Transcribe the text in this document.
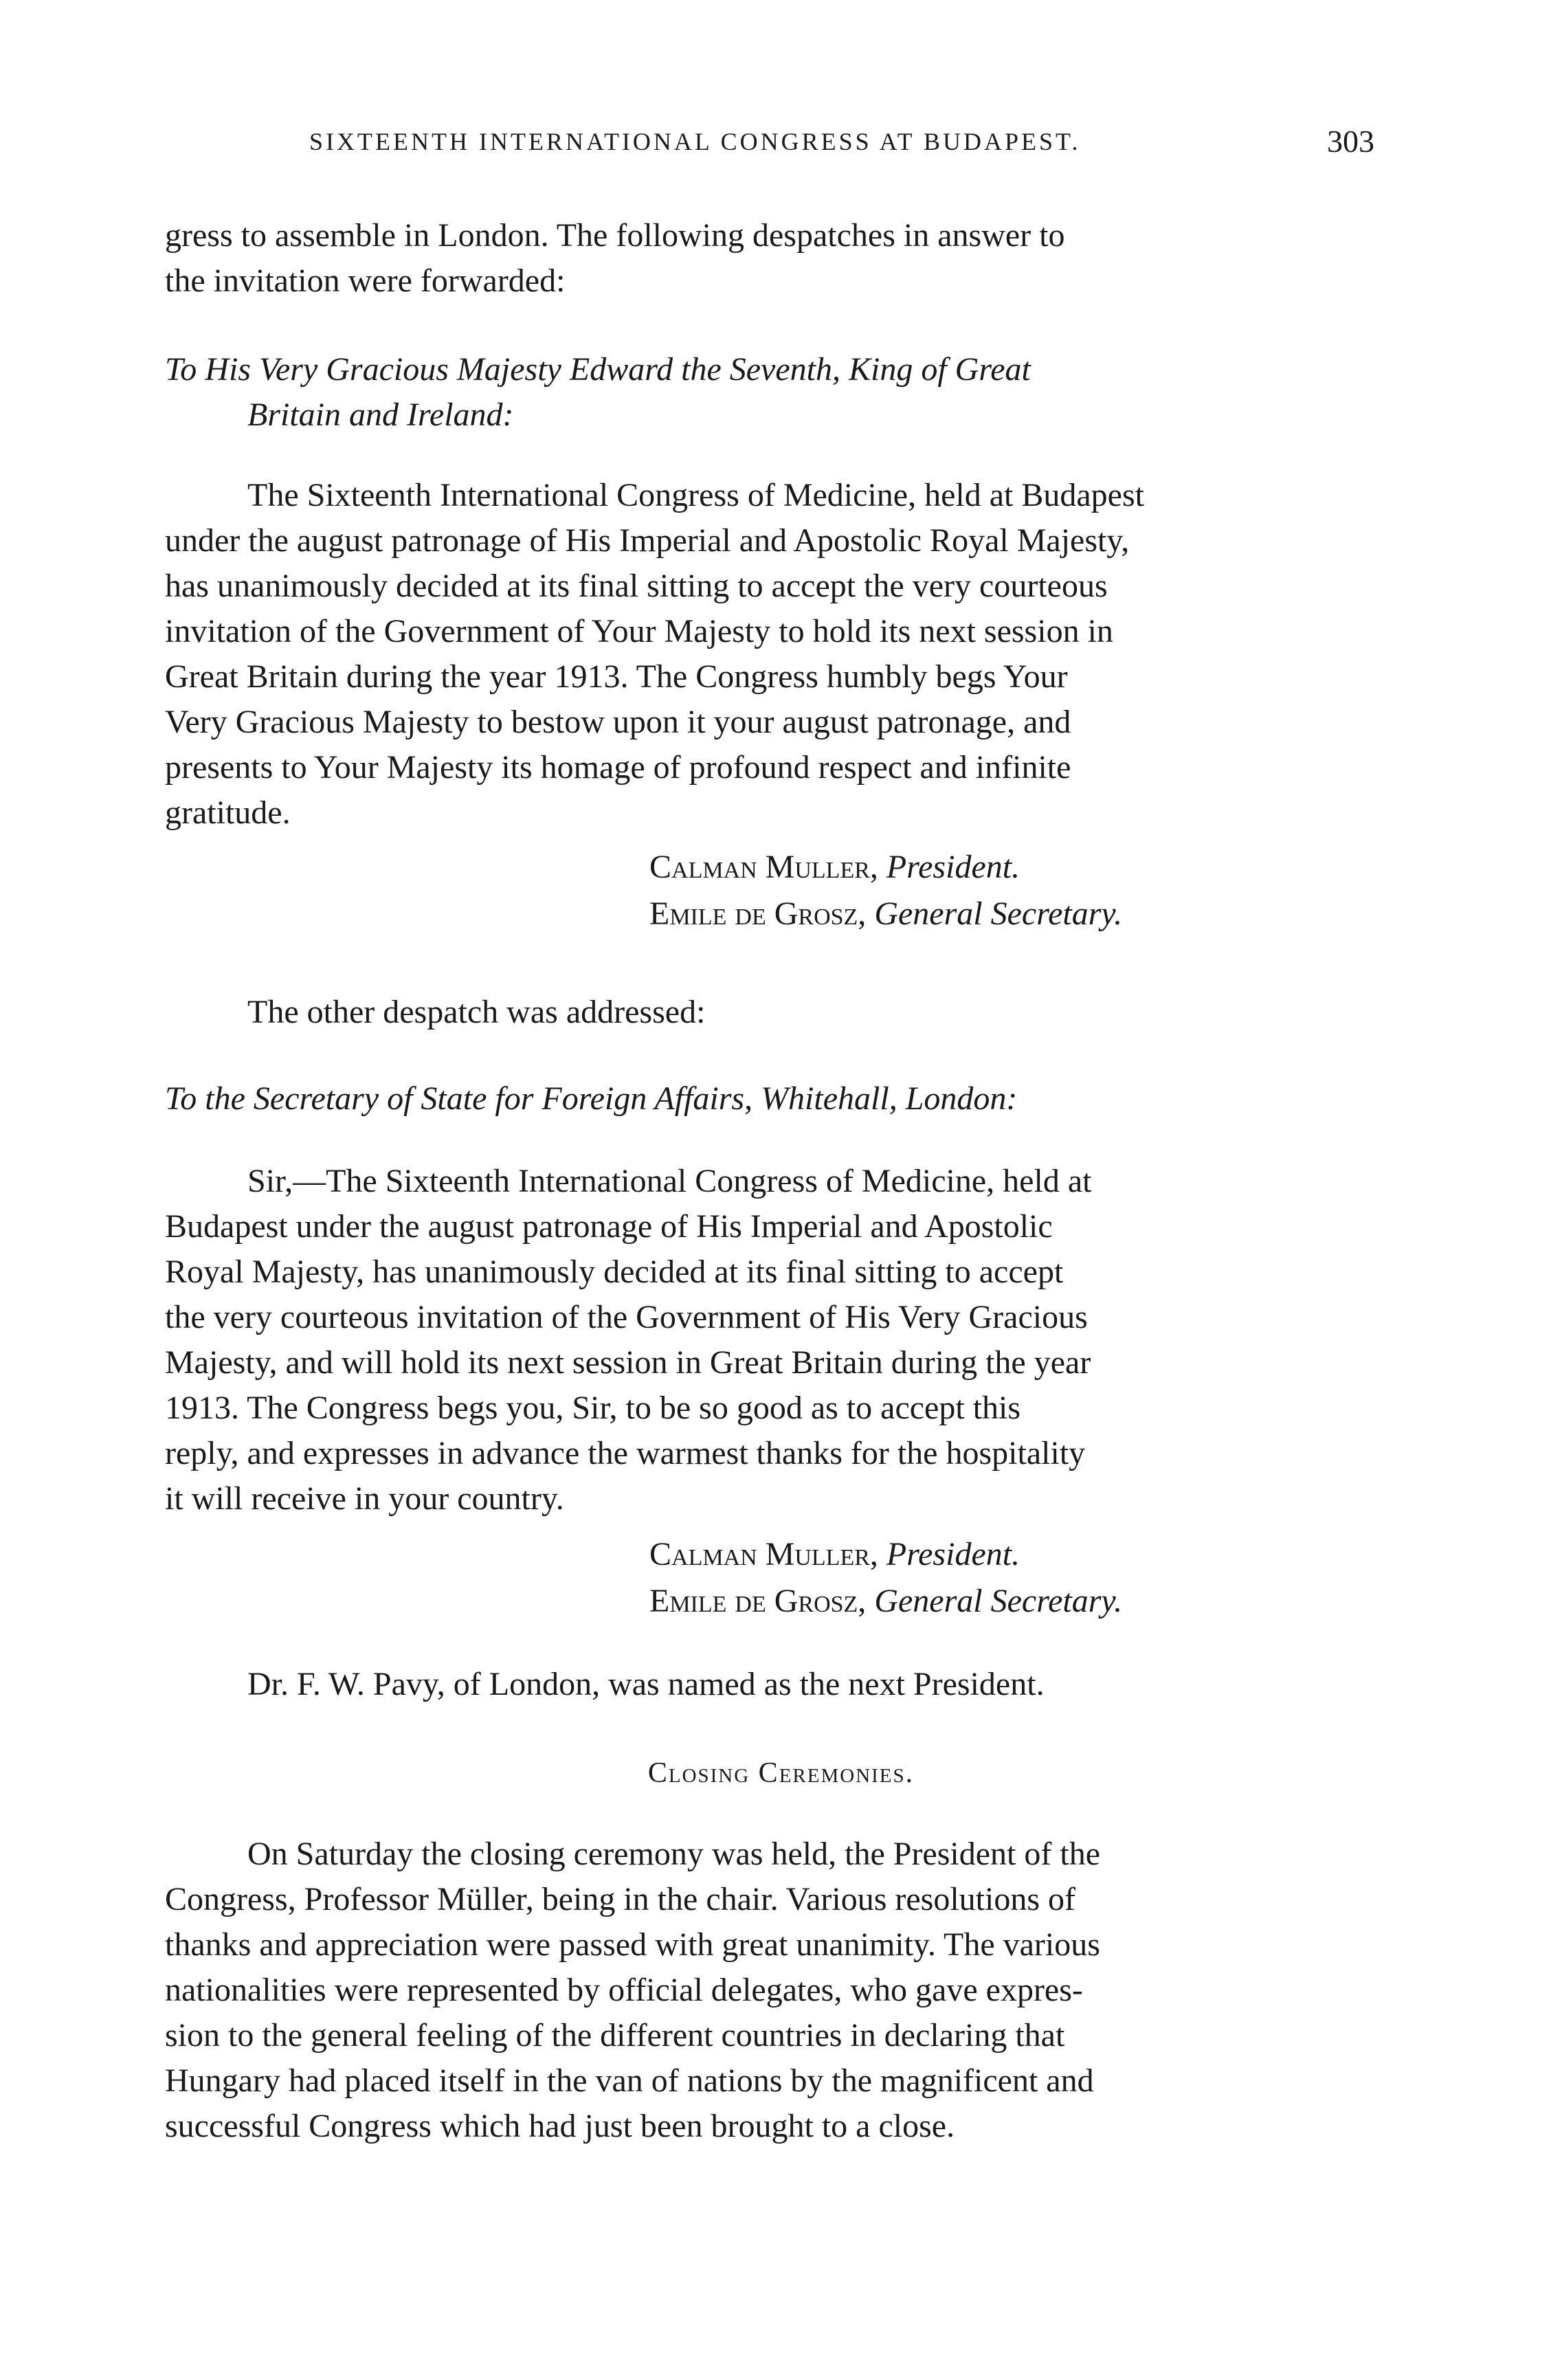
SIXTEENTH INTERNATIONAL CONGRESS AT BUDAPEST.	303
gress to assemble in London. The following despatches in answer to
the invitation were forwarded:
To His Very Gracious Majesty Edward the Seventh, King of Great
Britain and Ireland:
The Sixteenth International Congress of Medicine, held at Budapest
under the august patronage of His Imperial and Apostolic Royal Majesty,
has unanimously decided at its final sitting to accept the very courteous
invitation of the Government of Your Majesty to hold its next session in
Great Britain during the year 1913. The Congress humbly begs Your
Very Gracious Majesty to bestow upon it your august patronage, and
presents to Your Majesty its homage of profound respect and infinite
gratitude.
Calman Muller, President.
Emile de Grosz, General Secretary.
The other despatch was addressed:
To the Secretary of State for Foreign Affairs, Whitehall, London:
Sir,—The Sixteenth International Congress of Medicine, held at
Budapest under the august patronage of His Imperial and Apostolic
Royal Majesty, has unanimously decided at its final sitting to accept
the very courteous invitation of the Government of His Very Gracious
Majesty, and will hold its next session in Great Britain during the year
1913. The Congress begs you, Sir, to be so good as to accept this
reply, and expresses in advance the warmest thanks for the hospitality
it will receive in your country.
Calman Muller, President.
Emile de Grosz, General Secretary.
Dr. F. W. Pavy, of London, was named as the next President.
Closing Ceremonies.
On Saturday the closing ceremony was held, the President of the
Congress, Professor Müller, being in the chair. Various resolutions of
thanks and appreciation were passed with great unanimity. The various
nationalities were represented by official delegates, who gave expres-
sion to the general feeling of the different countries in declaring that
Hungary had placed itself in the van of nations by the magnificent and
successful Congress which had just been brought to a close.
